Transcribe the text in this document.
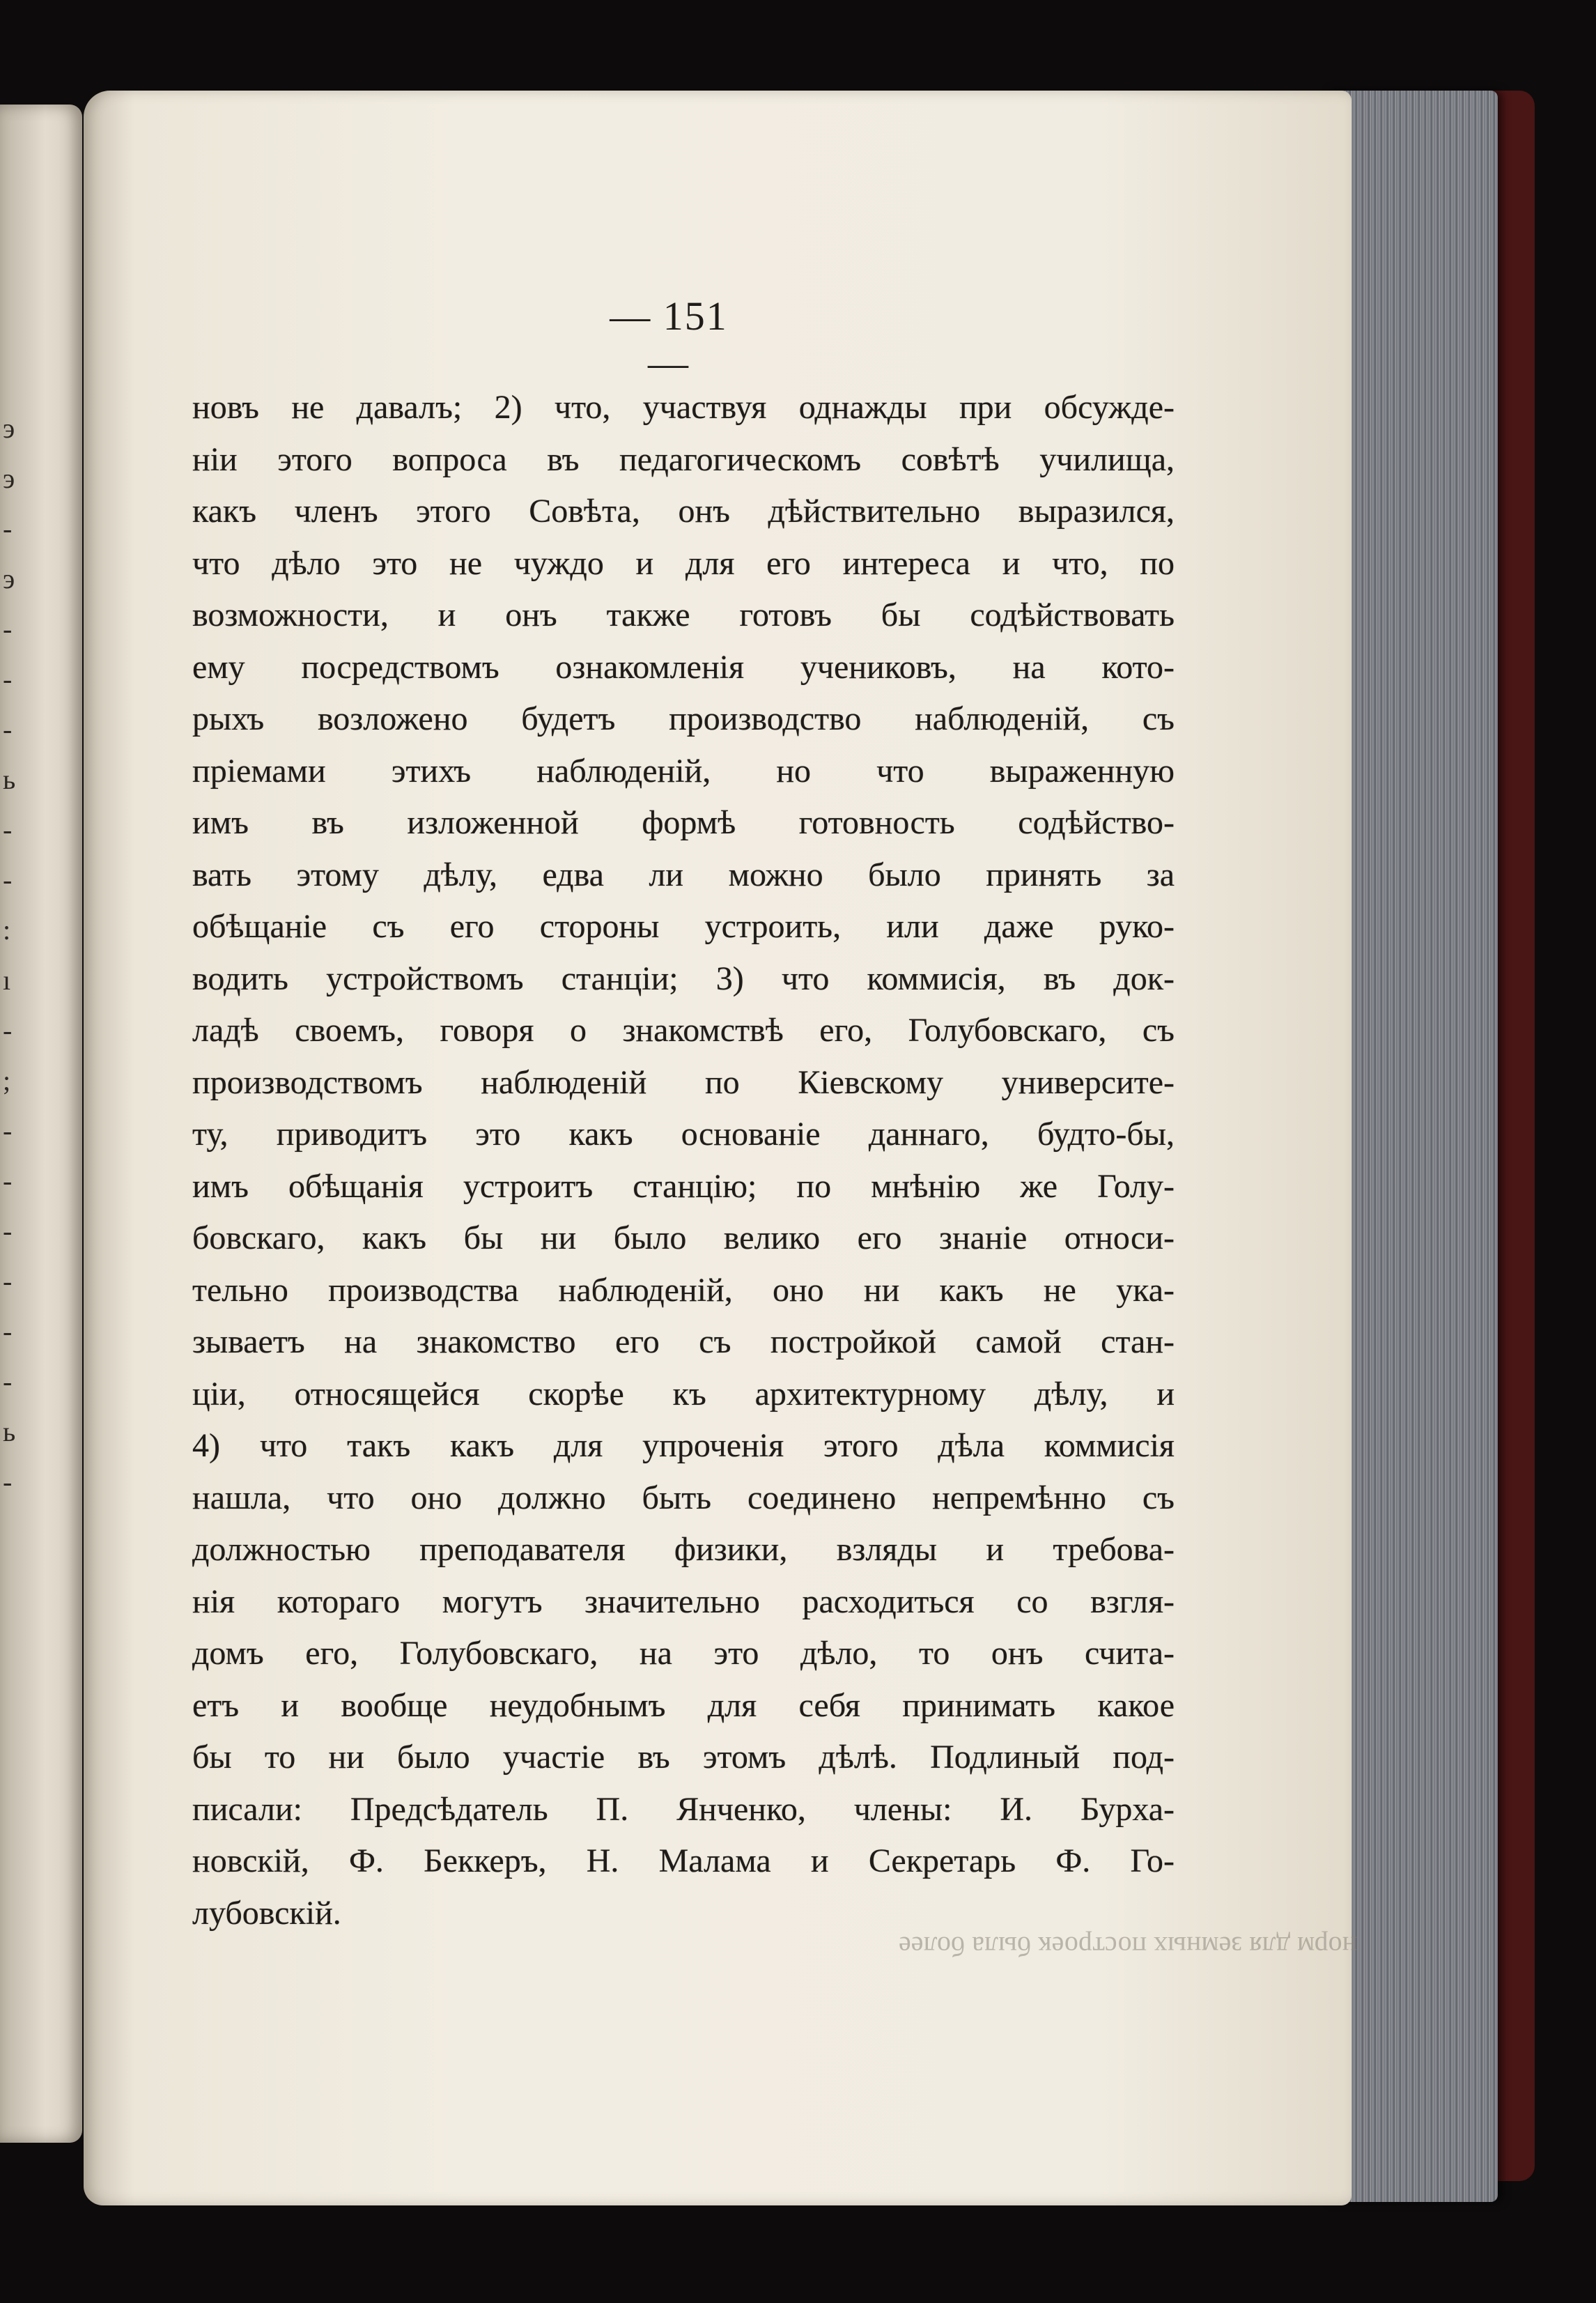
э
э
-
э
-
-
-
ь
-
-
:
ı
-
;
-
-
-
-
-
-
ь
-
— 151 —
новъ не давалъ; 2) что, участвуя однажды при обсужде-
ніи этого вопроса въ педагогическомъ совѣтѣ училища,
какъ членъ этого Совѣта, онъ дѣйствительно выразился,
что дѣло это не чуждо и для его интереса и что, по
возможности, и онъ также готовъ бы содѣйствовать
ему посредствомъ ознакомленія учениковъ, на кото-
рыхъ возложено будетъ производство наблюденій, съ
пріемами этихъ наблюденій, но что выраженную
имъ въ изложенной формѣ готовность содѣйство-
вать этому дѣлу, едва ли можно было принять за
обѣщаніе съ его стороны устроить, или даже руко-
водить устройствомъ станціи; 3) что коммисія, въ док-
ладѣ своемъ, говоря о знакомствѣ его, Голубовскаго, съ
производствомъ наблюденій по Кіевскому университе-
ту, приводитъ это какъ основаніе даннаго, будто-бы,
имъ обѣщанія устроитъ станцію; по мнѣнію же Голу-
бовскаго, какъ бы ни было велико его знаніе относи-
тельно производства наблюденій, оно ни какъ не ука-
зываетъ на знакомство его съ постройкой самой стан-
ціи, относящейся скорѣе къ архитектурному дѣлу, и
4) что такъ какъ для упроченія этого дѣла коммисія
нашла, что оно должно быть соединено непремѣнно съ
должностью преподавателя физики, взляды и требова-
нія котораго могутъ значительно расходиться со взгля-
домъ его, Голубовскаго, на это дѣло, то онъ счита-
етъ и вообще неудобнымъ для себя принимать какое
бы то ни было участіе въ этомъ дѣлѣ. Подлиный под-
писали: Предсѣдатель П. Янченко, члены: И. Бурха-
новскій, Ф. Беккеръ, Н. Малама и Секретарь Ф. Го-
лубовскій.
норм для земных построек была более
